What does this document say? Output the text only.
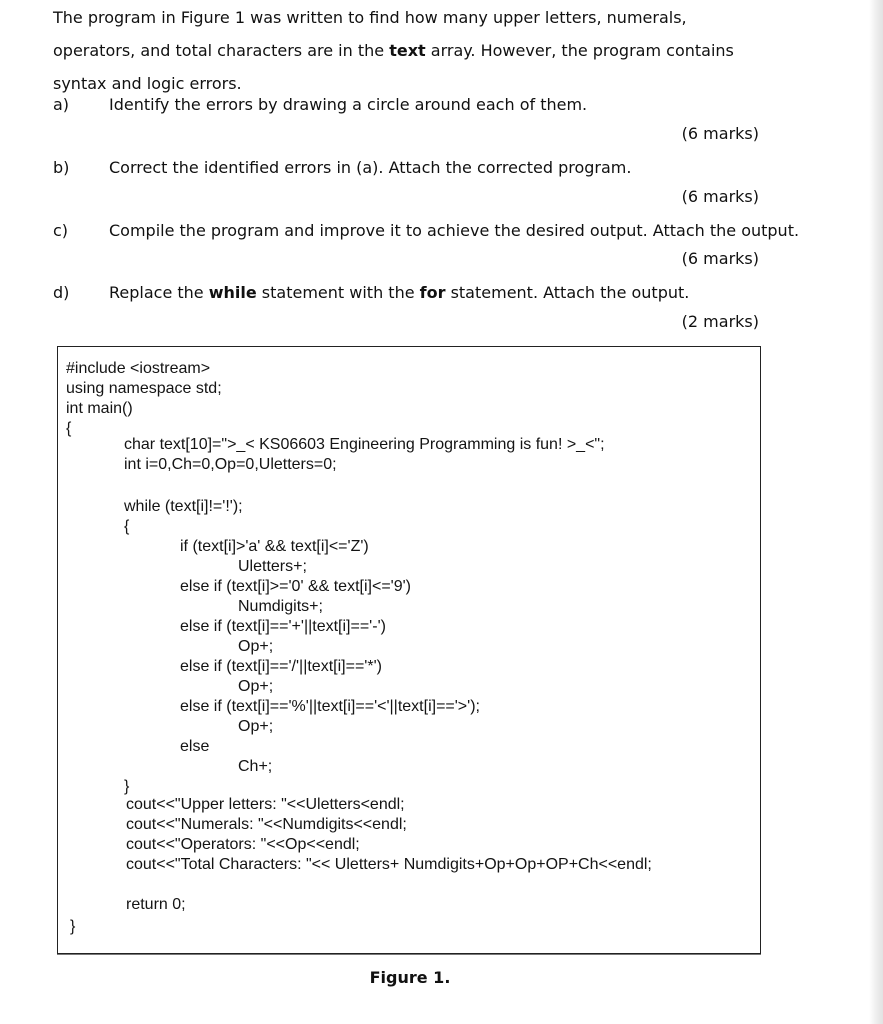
The program in Figure 1 was written to find how many upper letters, numerals, operators, and total characters are in the text array. However, the program contains syntax and logic errors.

a) Identify the errors by drawing a circle around each of them.
(6 marks)
b) Correct the identified errors in (a). Attach the corrected program.
(6 marks)
c)	Compile the program and improve it to achieve the desired output. Attach the output.
(6 marks)
d) Replace the while statement with the for statement. Attach the output.
(2 marks)
#include <iostream>
using namespace std;
int main()
{
char text[10]=">_< KS06603 Engineering Programming is fun! >_<";
int i=0,Ch=0,Op=0,Uletters=0;
while (text[i]!='!');
{
if (text[i]>'a' && text[i]<='Z')
Uletters+;
else if (text[i]>='0' && text[i]<='9')
Numdigits+;
else if (text[i]=='+'||text[i]=='-')
Op+;
else if (text[i]=='/'||text[i]=='*')
Op+;
else if (text[i]=='%'||text[i]=='<'||text[i]=='>');
Op+;
else
Ch+;
}
cout<<"Upper letters: "<<Uletters<endl;
cout<<"Numerals: "<<Numdigits<<endl;
cout<<"Operators: "<<Op<<endl;
cout<<"Total Characters: "<< Uletters+ Numdigits+Op+Op+OP+Ch<<endl;
return 0;
}
Figure 1.
